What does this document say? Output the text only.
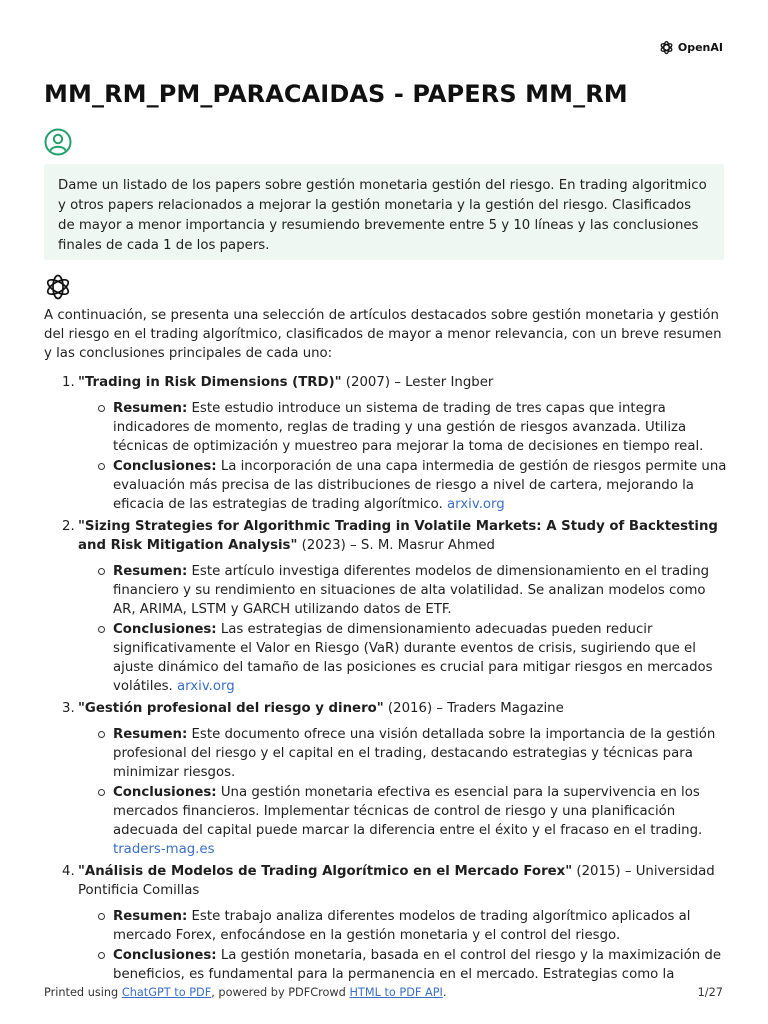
OpenAI
MM_RM_PM_PARACAIDAS - PAPERS MM_RM
Dame un listado de los papers sobre gestión monetaria gestión del riesgo. En trading algoritmico y otros papers relacionados a mejorar la gestión monetaria y la gestión del riesgo. Clasificados de mayor a menor importancia y resumiendo brevemente entre 5 y 10 líneas y las conclusiones finales de cada 1 de los papers.

A continuación, se presenta una selección de artículos destacados sobre gestión monetaria y gestión del riesgo en el trading algorítmico, clasificados de mayor a menor relevancia, con un breve resumen y las conclusiones principales de cada uno:

1. "Trading in Risk Dimensions (TRD)" (2007) – Lester Ingber
Resumen: Este estudio introduce un sistema de trading de tres capas que integra indicadores de momento, reglas de trading y una gestión de riesgos avanzada. Utiliza técnicas de optimización y muestreo para mejorar la toma de decisiones en tiempo real.
Conclusiones: La incorporación de una capa intermedia de gestión de riesgos permite una evaluación más precisa de las distribuciones de riesgo a nivel de cartera, mejorando la eficacia de las estrategias de trading algorítmico. arxiv.org
2. "Sizing Strategies for Algorithmic Trading in Volatile Markets: A Study of Backtesting and Risk Mitigation Analysis" (2023) – S. M. Masrur Ahmed
Resumen: Este artículo investiga diferentes modelos de dimensionamiento en el trading financiero y su rendimiento en situaciones de alta volatilidad. Se analizan modelos como AR, ARIMA, LSTM y GARCH utilizando datos de ETF.
Conclusiones: Las estrategias de dimensionamiento adecuadas pueden reducir significativamente el Valor en Riesgo (VaR) durante eventos de crisis, sugiriendo que el ajuste dinámico del tamaño de las posiciones es crucial para mitigar riesgos en mercados volátiles. arxiv.org
3. "Gestión profesional del riesgo y dinero" (2016) – Traders Magazine
Resumen: Este documento ofrece una visión detallada sobre la importancia de la gestión profesional del riesgo y el capital en el trading, destacando estrategias y técnicas para minimizar riesgos.
Conclusiones: Una gestión monetaria efectiva es esencial para la supervivencia en los mercados financieros. Implementar técnicas de control de riesgo y una planificación adecuada del capital puede marcar la diferencia entre el éxito y el fracaso en el trading. traders-mag.es
4. "Análisis de Modelos de Trading Algorítmico en el Mercado Forex" (2015) – Universidad Pontificia Comillas
Resumen: Este trabajo analiza diferentes modelos de trading algorítmico aplicados al mercado Forex, enfocándose en la gestión monetaria y el control del riesgo.
Conclusiones: La gestión monetaria, basada en el control del riesgo y la maximización de beneficios, es fundamental para la permanencia en el mercado. Estrategias como la
Printed using ChatGPT to PDF, powered by PDFCrowd HTML to PDF API.	1/27
